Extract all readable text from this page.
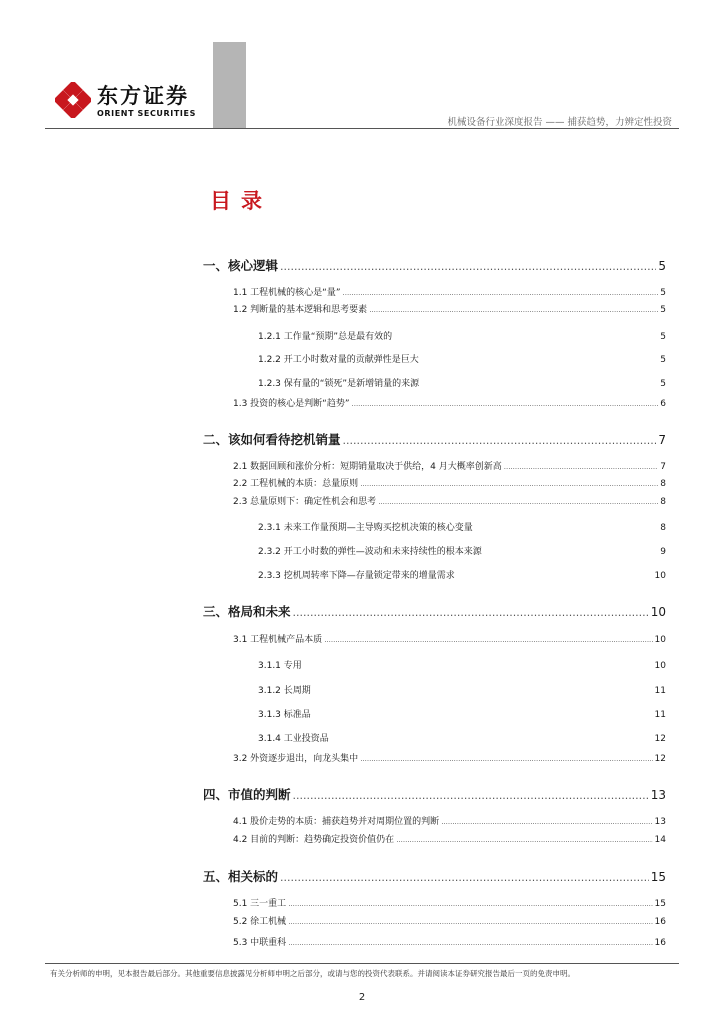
东方证券
ORIENT SECURITIES
机械设备行业深度报告 —— 捕获趋势，力辨定性投资
目录
一、核心逻辑 .....	5
1.1 工程机械的核心是“量” .....	5
1.2 判断量的基本逻辑和思考要素 .....	5
1.2.1 工作量“预期”总是最有效的	5
1.2.2 开工小时数对量的贡献弹性是巨大	5
1.2.3 保有量的“锁死”是新增销量的来源	5
1.3 投资的核心是判断“趋势” .....	6
二、该如何看待挖机销量 .....	7
2.1 数据回顾和涨价分析：短期销量取决于供给，4 月大概率创新高 .....	7
2.2 工程机械的本质：总量原则 .....	8
2.3 总量原则下：确定性机会和思考 .....	8
2.3.1 未来工作量预期—主导购买挖机决策的核心变量	8
2.3.2 开工小时数的弹性—波动和未来持续性的根本来源	9
2.3.3 挖机周转率下降—存量锁定带来的增量需求	10
三、格局和未来 .....	10
3.1 工程机械产品本质 .....	10
3.1.1 专用	10
3.1.2 长周期	11
3.1.3 标准品	11
3.1.4 工业投资品	12
3.2 外资逐步退出，向龙头集中 .....	12
四、市值的判断 .....	13
4.1 股价走势的本质：捕获趋势并对周期位置的判断 .....	13
4.2 目前的判断：趋势确定投资价值仍在 .....	14
五、相关标的 .....	15
5.1 三一重工 .....	15
5.2 徐工机械 .....	16
5.3 中联重科 .....	16
有关分析师的申明，见本报告最后部分。其他重要信息披露见分析师申明之后部分，或请与您的投资代表联系。并请阅读本证券研究报告最后一页的免责申明。
2
